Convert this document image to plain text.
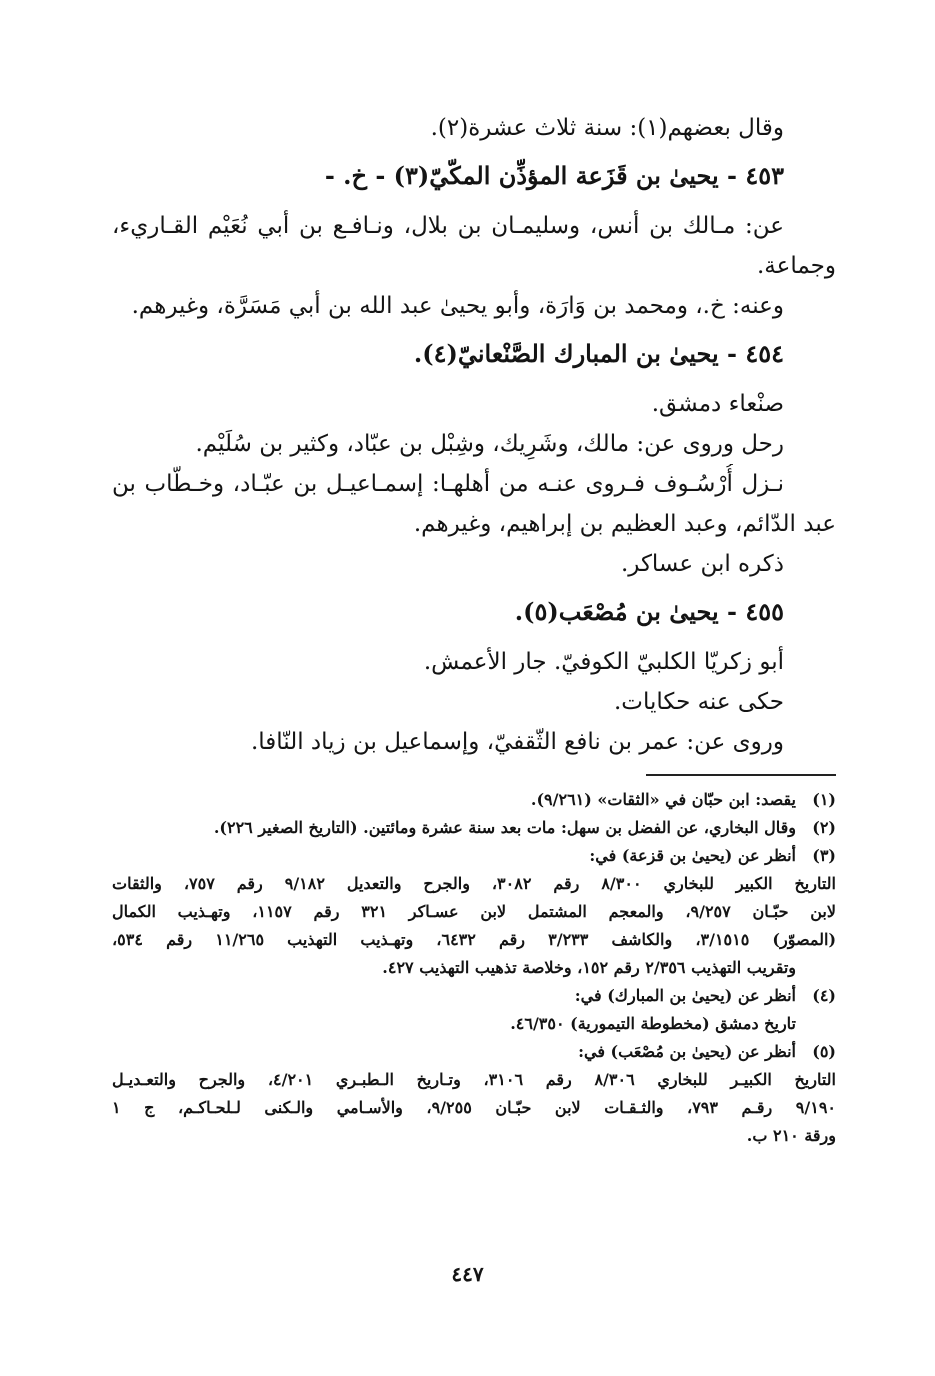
وقال بعضهم(١): سنة ثلاث عشرة(٢).

٤٥٣ - يحيىٰ بن قَزَعة المؤذِّن المكّيّ(٣) - خ. -

عن: مـالك بن أنس، وسليمـان بن بلال، ونـافـع بن أبي نُعَيْم القـاريء،

وجماعة.

وعنه: خ.، ومحمد بن وَارَة، وأبو يحيىٰ عبد الله بن أبي مَسَرَّة، وغيرهم.

٤٥٤ - يحيىٰ بن المبارك الصَّنْعانيّ(٤).

صنْعاء دمشق.

رحل وروى عن: مالك، وشَرِيك، وشِبْل بن عبّاد، وكثير بن سُلَيْم.

نـزل أُرْسُـوف فـروى عنـه من أهلهـا: إسمـاعيـل بن عبّـاد، وخـطّاب بن

عبد الدّائم، وعبد العظيم بن إبراهيم، وغيرهم.

ذكره ابن عساكر.

٤٥٥ - يحيىٰ بن مُصْعَب(٥).

أبو زكريّا الكلبيّ الكوفيّ. جار الأعمش.

حكى عنه حكايات.

وروى عن: عمر بن نافع الثّقفيّ، وإسماعيل بن زياد النّافا.

(١)
يقصد: ابن حبّان في «الثقات» (٩/٢٦١).
(٢)
وقال البخاري، عن الفضل بن سهل: مات بعد سنة عشرة ومائتين. (التاريخ الصغير ٢٢٦).
(٣)
أنظر عن (يحيىٰ بن قزعة) في:
التاريخ الكبير للبخاري ٨/٣٠٠ رقم ٣٠٨٢، والجرح والتعديل ٩/١٨٢ رقم ٧٥٧، والثقات
لابن حبّـان ٩/٢٥٧، والمعجم المشتمل لابن عسـاكر ٣٢١ رقم ١١٥٧، وتهـذيب الكمال
(المصوّر) ٣/١٥١٥، والكاشف ٣/٢٣٣ رقم ٦٤٣٢، وتهـذيب التهذيب ١١/٢٦٥ رقم ٥٣٤،
وتقريب التهذيب ٢/٣٥٦ رقم ١٥٢، وخلاصة تذهيب التهذيب ٤٢٧.
(٤)
أنظر عن (يحيىٰ بن المبارك) في:
تاريخ دمشق (مخطوطة التيمورية) ٤٦/٣٥٠.
(٥)
أنظر عن (يحيىٰ بن مُصْعَب) في:
التاريخ الكبيـر للبخاري ٨/٣٠٦ رقم ٣١٠٦، وتـاريخ الـطبـري ٤/٢٠١، والجرح والتعـديـل
٩/١٩٠ رقـم ٧٩٣، والثـقـات لابن حبّـان ٩/٢٥٥، والأسـامي والـكنى لـلحـاكـم، ج ١
ورقة ٢١٠ ب.
٤٤٧
